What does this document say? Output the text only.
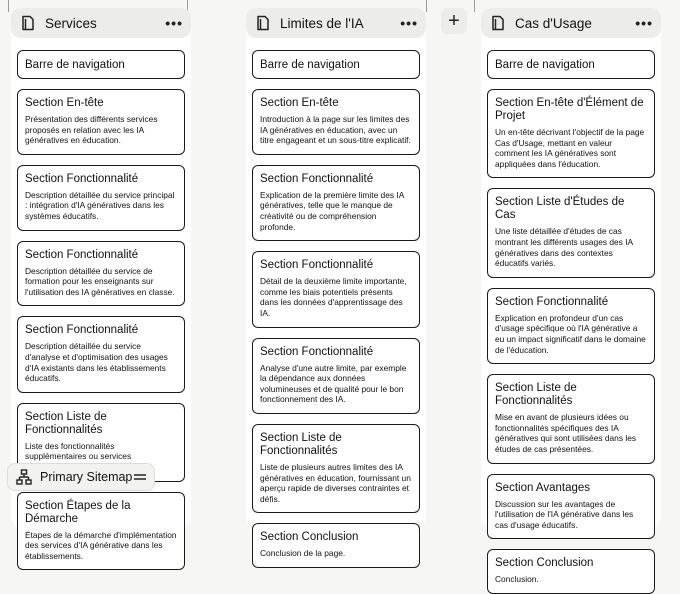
Services	•••
Barre de navigation
Section En-tête
Présentation des différents services proposés en relation avec les IA génératives en éducation.
Section Fonctionnalité
Description détaillée du service principal : intégration d'IA génératives dans les systèmes éducatifs.
Section Fonctionnalité
Description détaillée du service de formation pour les enseignants sur l'utilisation des IA génératives en classe.
Section Fonctionnalité
Description détaillée du service d'analyse et d'optimisation des usages d'IA existants dans les établissements éducatifs.
Section Liste de Fonctionnalités
Liste des fonctionnalités supplémentaires ou services
Section Étapes de la Démarche
Étapes de la démarche d'implémentation des services d'IA générative dans les établissements.
Limites de l'IA	•••
Barre de navigation
Section En-tête
Introduction à la page sur les limites des IA génératives en éducation, avec un titre engageant et un sous-titre explicatif.
Section Fonctionnalité
Explication de la première limite des IA génératives, telle que le manque de créativité ou de compréhension profonde.
Section Fonctionnalité
Détail de la deuxième limite importante, comme les biais potentiels présents dans les données d'apprentissage des IA.
Section Fonctionnalité
Analyse d'une autre limite, par exemple la dépendance aux données volumineuses et de qualité pour le bon fonctionnement des IA.
Section Liste de Fonctionnalités
Liste de plusieurs autres limites des IA génératives en éducation, fournissant un aperçu rapide de diverses contraintes et défis.
Section Conclusion
Conclusion de la page.
+	Cas d'Usage	•••
Barre de navigation
Section En-tête d'Élément de Projet
Un en-tête décrivant l'objectif de la page Cas d'Usage, mettant en valeur comment les IA génératives sont appliquées dans l'éducation.
Section Liste d'Études de Cas
Une liste détaillée d'études de cas montrant les différents usages des IA génératives dans des contextes éducatifs variés.
Section Fonctionnalité
Explication en profondeur d'un cas d'usage spécifique où l'IA générative a eu un impact significatif dans le domaine de l'éducation.
Section Liste de Fonctionnalités
Mise en avant de plusieurs idées ou fonctionnalités spécifiques des IA génératives qui sont utilisées dans les études de cas présentées.
Section Avantages
Discussion sur les avantages de l'utilisation de l'IA générative dans les cas d'usage éducatifs.
Section Conclusion
Conclusion.
Primary Sitemap
